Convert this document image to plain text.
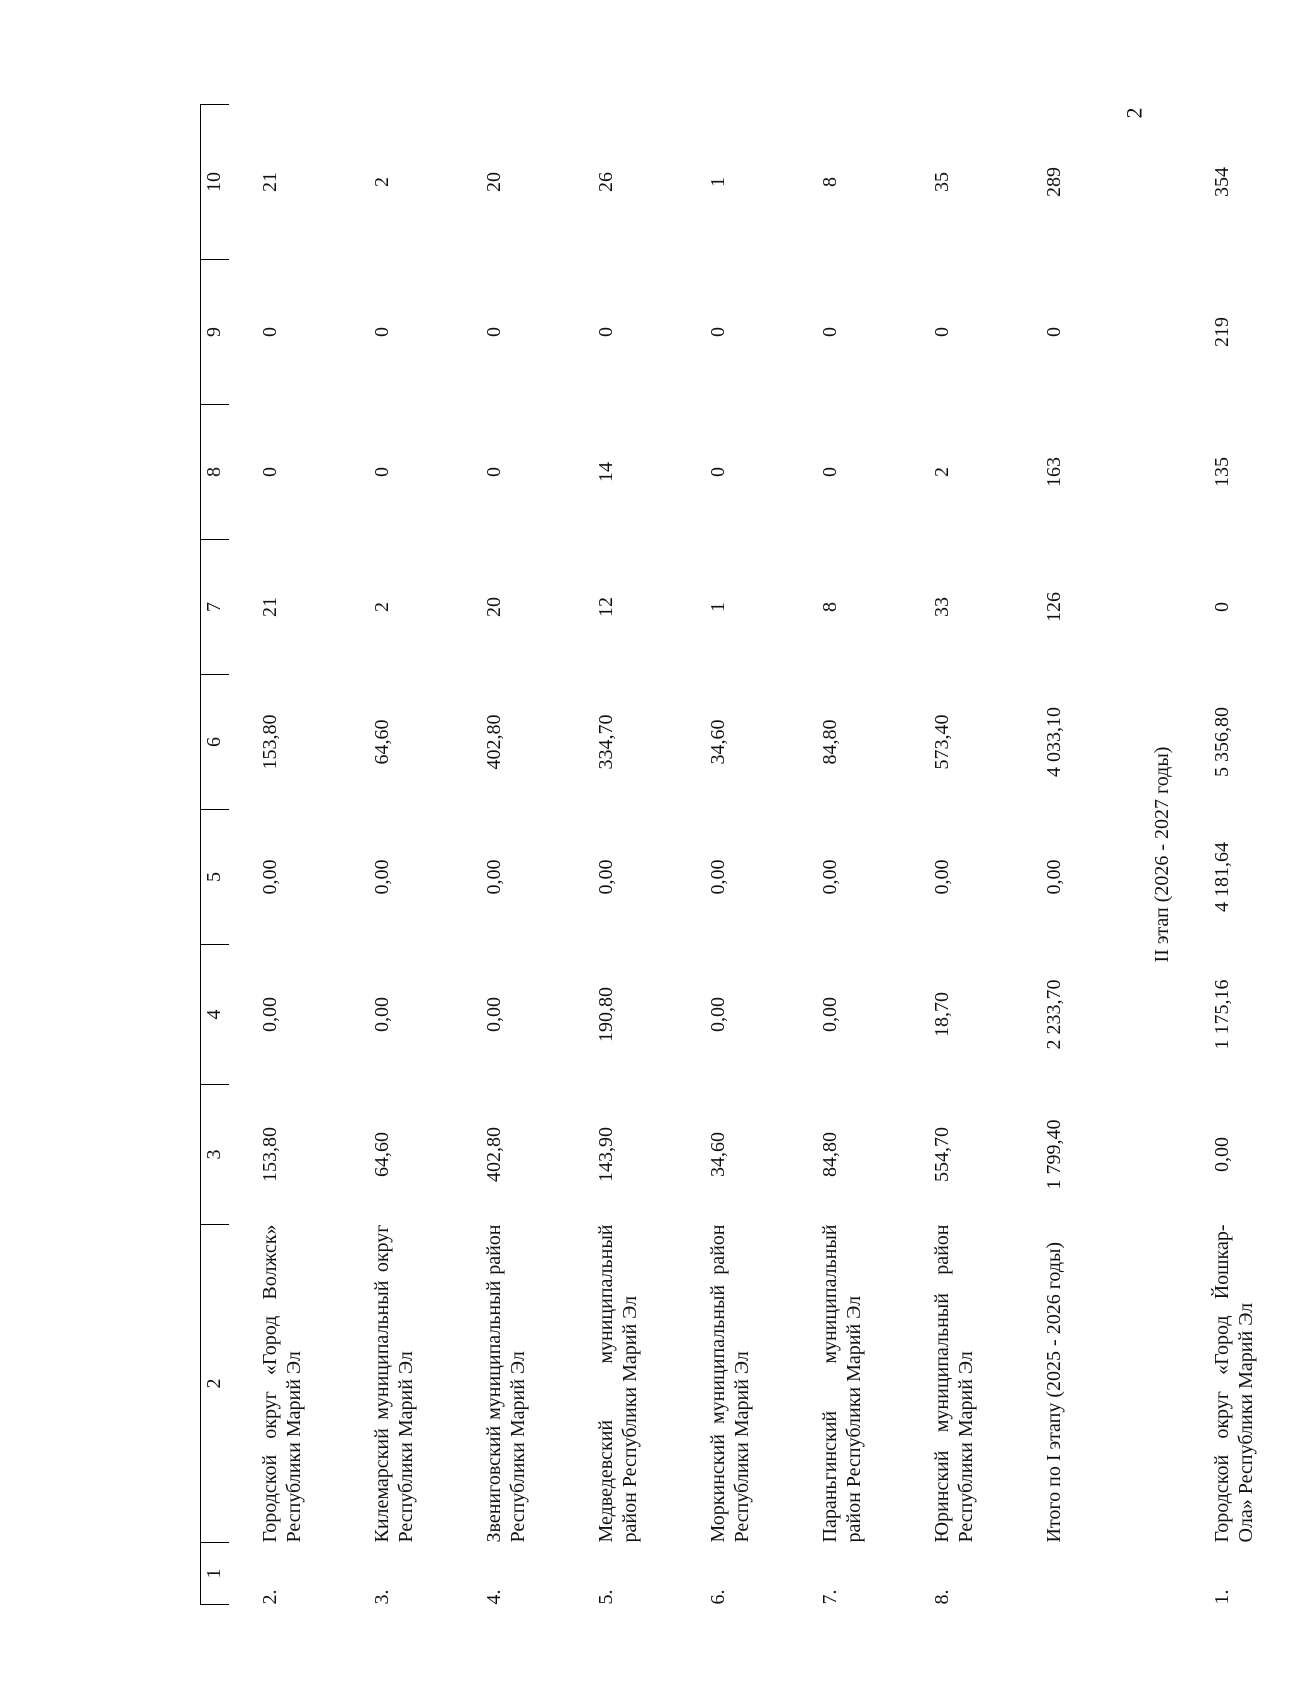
2
1	2	3	4	5	6	7	8	9	10
2.	Городской округ «Город Волжск» Республики Марий Эл	153,80	0,00	0,00	153,80	21	0	0	21
3.	Килемарский муниципальный округ Республики Марий Эл	64,60	0,00	0,00	64,60	2	0	0	2
4.	Звениговский муниципальный район Республики Марий Эл	402,80	0,00	0,00	402,80	20	0	0	20
5.	Медведевский муниципальный район Республики Марий Эл	143,90	190,80	0,00	334,70	12	14	0	26
6.	Моркинский муниципальный район Республики Марий Эл	34,60	0,00	0,00	34,60	1	0	0	1
7.	Параньгинский муниципальный район Республики Марий Эл	84,80	0,00	0,00	84,80	8	0	0	8
8.	Юринский муниципальный район Республики Марий Эл	554,70	18,70	0,00	573,40	33	2	0	35
	Итого по I этапу (2025 - 2026 годы)	1 799,40	2 233,70	0,00	4 033,10	126	163	0	289
II этап (2026 - 2027 годы)									
1.	Городской округ «Город Йошкар-Ола» Республики Марий Эл	0,00	1 175,16	4 181,64	5 356,80	0	135	219	354
